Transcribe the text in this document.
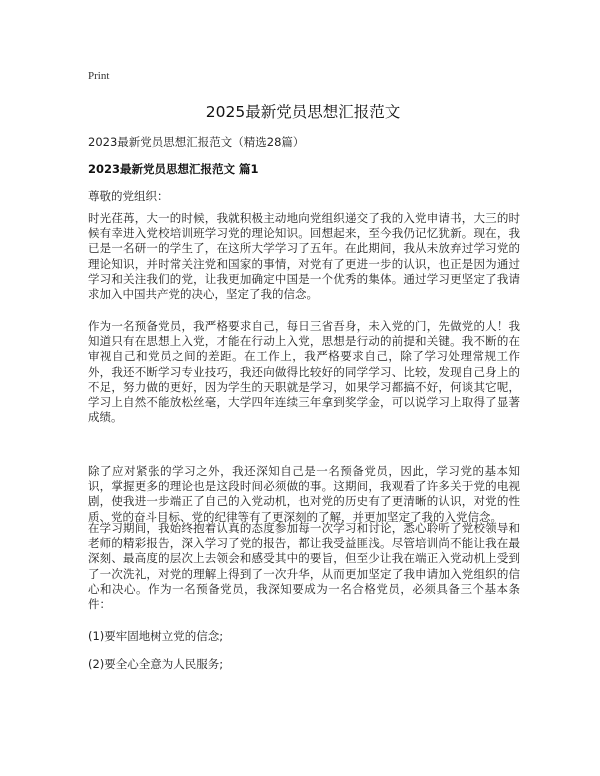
Print
2025最新党员思想汇报范文
2023最新党员思想汇报范文（精选28篇）
2023最新党员思想汇报范文 篇1
尊敬的党组织：

时光荏苒，大一的时候，我就积极主动地向党组织递交了我的入党申请书，大三的时候有幸进入党校培训班学习党的理论知识。回想起来，至今我仍记忆犹新。现在，我已是一名研一的学生了，在这所大学学习了五年。在此期间，我从未放弃过学习党的理论知识，并时常关注党和国家的事情，对党有了更进一步的认识，也正是因为通过学习和关注我们的党，让我更加确定中国是一个优秀的集体。通过学习更坚定了我请求加入中国共产党的决心，坚定了我的信念。

作为一名预备党员，我严格要求自己，每日三省吾身，未入党的门，先做党的人！我知道只有在思想上入党，才能在行动上入党，思想是行动的前提和关键。我不断的在审视自己和党员之间的差距。在工作上，我严格要求自己，除了学习处理常规工作外，我还不断学习专业技巧，我还向做得比较好的同学学习、比较，发现自己身上的不足，努力做的更好，因为学生的天职就是学习，如果学习都搞不好，何谈其它呢，学习上自然不能放松丝毫，大学四年连续三年拿到奖学金，可以说学习上取得了显著成绩。

除了应对紧张的学习之外，我还深知自己是一名预备党员，因此，学习党的基本知识，掌握更多的理论也是这段时间必须做的事。这期间，我观看了许多关于党的电视剧，使我进一步端正了自己的入党动机，也对党的历史有了更清晰的认识，对党的性质、党的奋斗目标、党的纪律等有了更深刻的了解，并更加坚定了我的入党信念。

在学习期间，我始终抱着认真的态度参加每一次学习和讨论，悉心聆听了党校领导和老师的精彩报告，深入学习了党的报告，都让我受益匪浅。尽管培训尚不能让我在最深刻、最高度的层次上去领会和感受其中的要旨，但至少让我在端正入党动机上受到了一次洗礼，对党的理解上得到了一次升华，从而更加坚定了我申请加入党组织的信心和决心。作为一名预备党员，我深知要成为一名合格党员，必须具备三个基本条件：

(1)要牢固地树立党的信念;
(2)要全心全意为人民服务;
